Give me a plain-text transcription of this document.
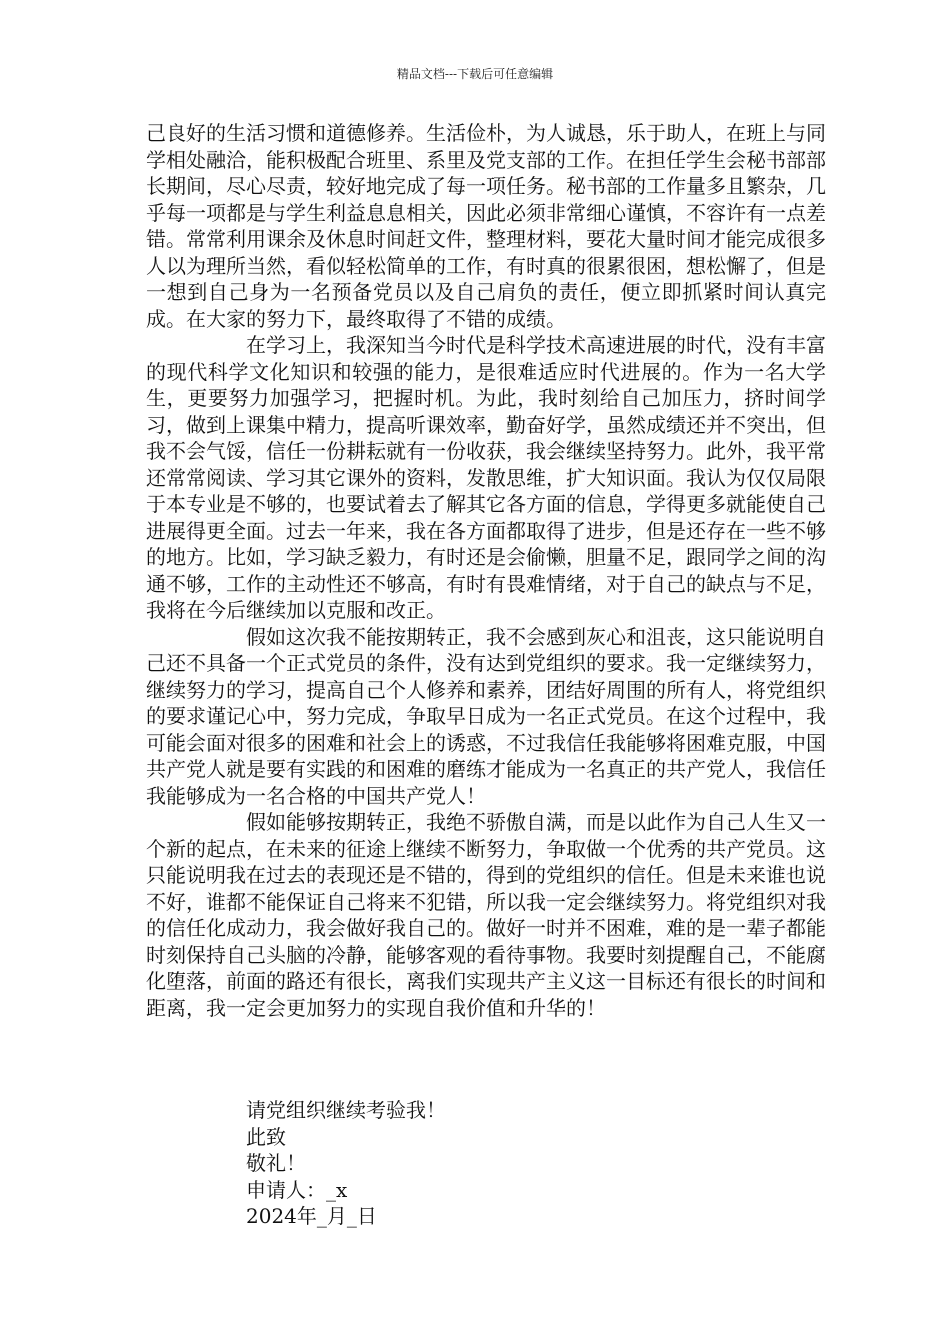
精品文档---下载后可任意编辑

己良好的生活习惯和道德修养。生活俭朴，为人诚恳，乐于助人，在班上与同学相处融洽，能积极配合班里、系里及党支部的工作。在担任学生会秘书部部长期间，尽心尽责，较好地完成了每一项任务。秘书部的工作量多且繁杂，几乎每一项都是与学生利益息息相关，因此必须非常细心谨慎，不容许有一点差错。常常利用课余及休息时间赶文件，整理材料，要花大量时间才能完成很多人以为理所当然，看似轻松简单的工作，有时真的很累很困，想松懈了，但是一想到自己身为一名预备党员以及自己肩负的责任，便立即抓紧时间认真完成。在大家的努力下，最终取得了不错的成绩。

在学习上，我深知当今时代是科学技术高速进展的时代，没有丰富的现代科学文化知识和较强的能力，是很难适应时代进展的。作为一名大学生，更要努力加强学习，把握时机。为此，我时刻给自己加压力，挤时间学习，做到上课集中精力，提高听课效率，勤奋好学，虽然成绩还并不突出，但我不会气馁，信任一份耕耘就有一份收获，我会继续坚持努力。此外，我平常还常常阅读、学习其它课外的资料，发散思维，扩大知识面。我认为仅仅局限于本专业是不够的，也要试着去了解其它各方面的信息，学得更多就能使自己进展得更全面。过去一年来，我在各方面都取得了进步，但是还存在一些不够的地方。比如，学习缺乏毅力，有时还是会偷懒，胆量不足，跟同学之间的沟通不够，工作的主动性还不够高，有时有畏难情绪，对于自己的缺点与不足，我将在今后继续加以克服和改正。

假如这次我不能按期转正，我不会感到灰心和沮丧，这只能说明自己还不具备一个正式党员的条件，没有达到党组织的要求。我一定继续努力，继续努力的学习，提高自己个人修养和素养，团结好周围的所有人，将党组织的要求谨记心中，努力完成，争取早日成为一名正式党员。在这个过程中，我可能会面对很多的困难和社会上的诱惑，不过我信任我能够将困难克服，中国共产党人就是要有实践的和困难的磨练才能成为一名真正的共产党人，我信任我能够成为一名合格的中国共产党人！

假如能够按期转正，我绝不骄傲自满，而是以此作为自己人生又一个新的起点，在未来的征途上继续不断努力，争取做一个优秀的共产党员。这只能说明我在过去的表现还是不错的，得到的党组织的信任。但是未来谁也说不好，谁都不能保证自己将来不犯错，所以我一定会继续努力。将党组织对我的信任化成动力，我会做好我自己的。做好一时并不困难，难的是一辈子都能时刻保持自己头脑的冷静，能够客观的看待事物。我要时刻提醒自己，不能腐化堕落，前面的路还有很长，离我们实现共产主义这一目标还有很长的时间和距离，我一定会更加努力的实现自我价值和升华的！

请党组织继续考验我！
此致
敬礼！
申请人：_x
2024年_月_日
